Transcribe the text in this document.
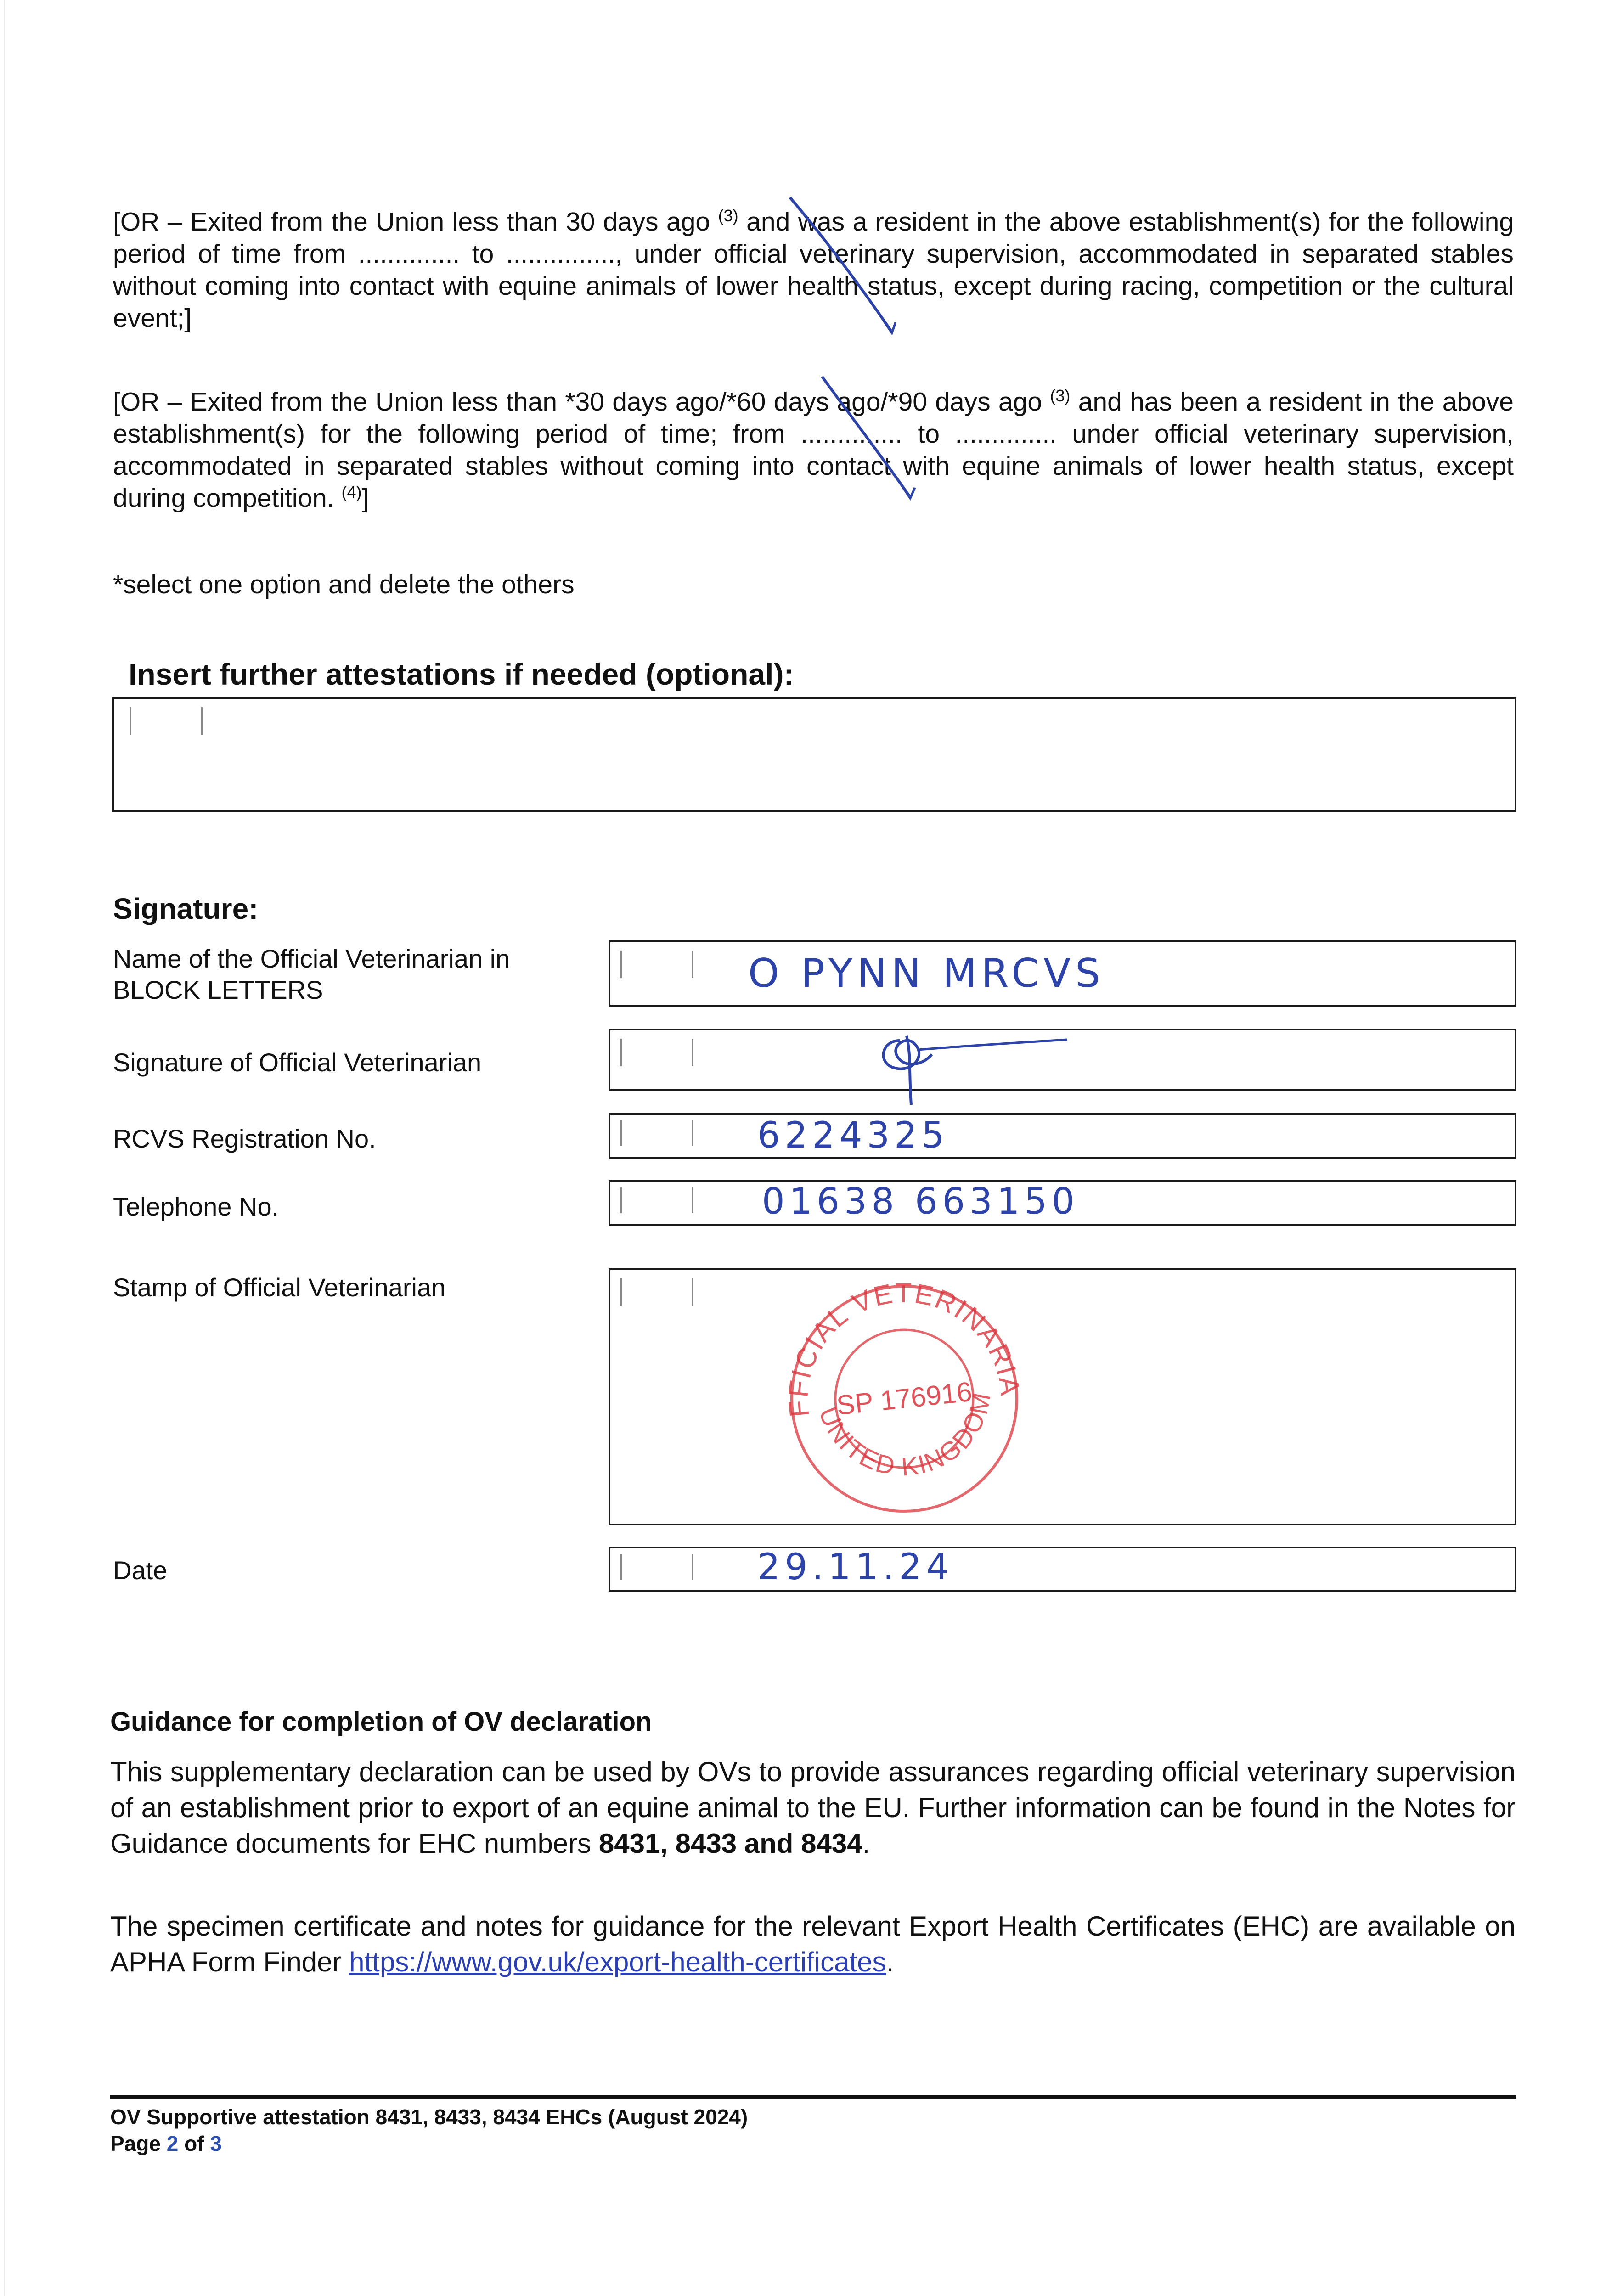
[OR – Exited from the Union less than 30 days ago $^{(3)}$ and was a resident in the above establishment(s) for the following period of time from .............. to ..............., under official veterinary supervision, accommodated in separated stables without coming into contact with equine animals of lower health status, except during racing, competition or the cultural event;]

[OR – Exited from the Union less than *30 days ago/*60 days ago/*90 days ago $^{(3)}$ and has been a resident in the above establishment(s) for the following period of time; from .............. to .............. under official veterinary supervision, accommodated in separated stables without coming into contact with equine animals of lower health status, except during competition. $^{(4)}$]

*select one option and delete the others

Insert further attestations if needed (optional):

Signature:

Name of the Official Veterinarian in BLOCK LETTERS	O PYNN MRCVS

Signature of Official Veterinarian

RCVS Registration No.	6224325

Telephone No.	01638 663150

Stamp of Official Veterinarian

OFFICIAL VETERINARIAN
UNITED KINGDOM
SP 176916

Date	29.11.24

Guidance for completion of OV declaration

This supplementary declaration can be used by OVs to provide assurances regarding official veterinary supervision of an establishment prior to export of an equine animal to the EU. Further information can be found in the Notes for Guidance documents for EHC numbers 8431, 8433 and 8434.

The specimen certificate and notes for guidance for the relevant Export Health Certificates (EHC) are available on APHA Form Finder https://www.gov.uk/export-health-certificates.

OV Supportive attestation 8431, 8433, 8434 EHCs (August 2024)

Page 2 of 3
